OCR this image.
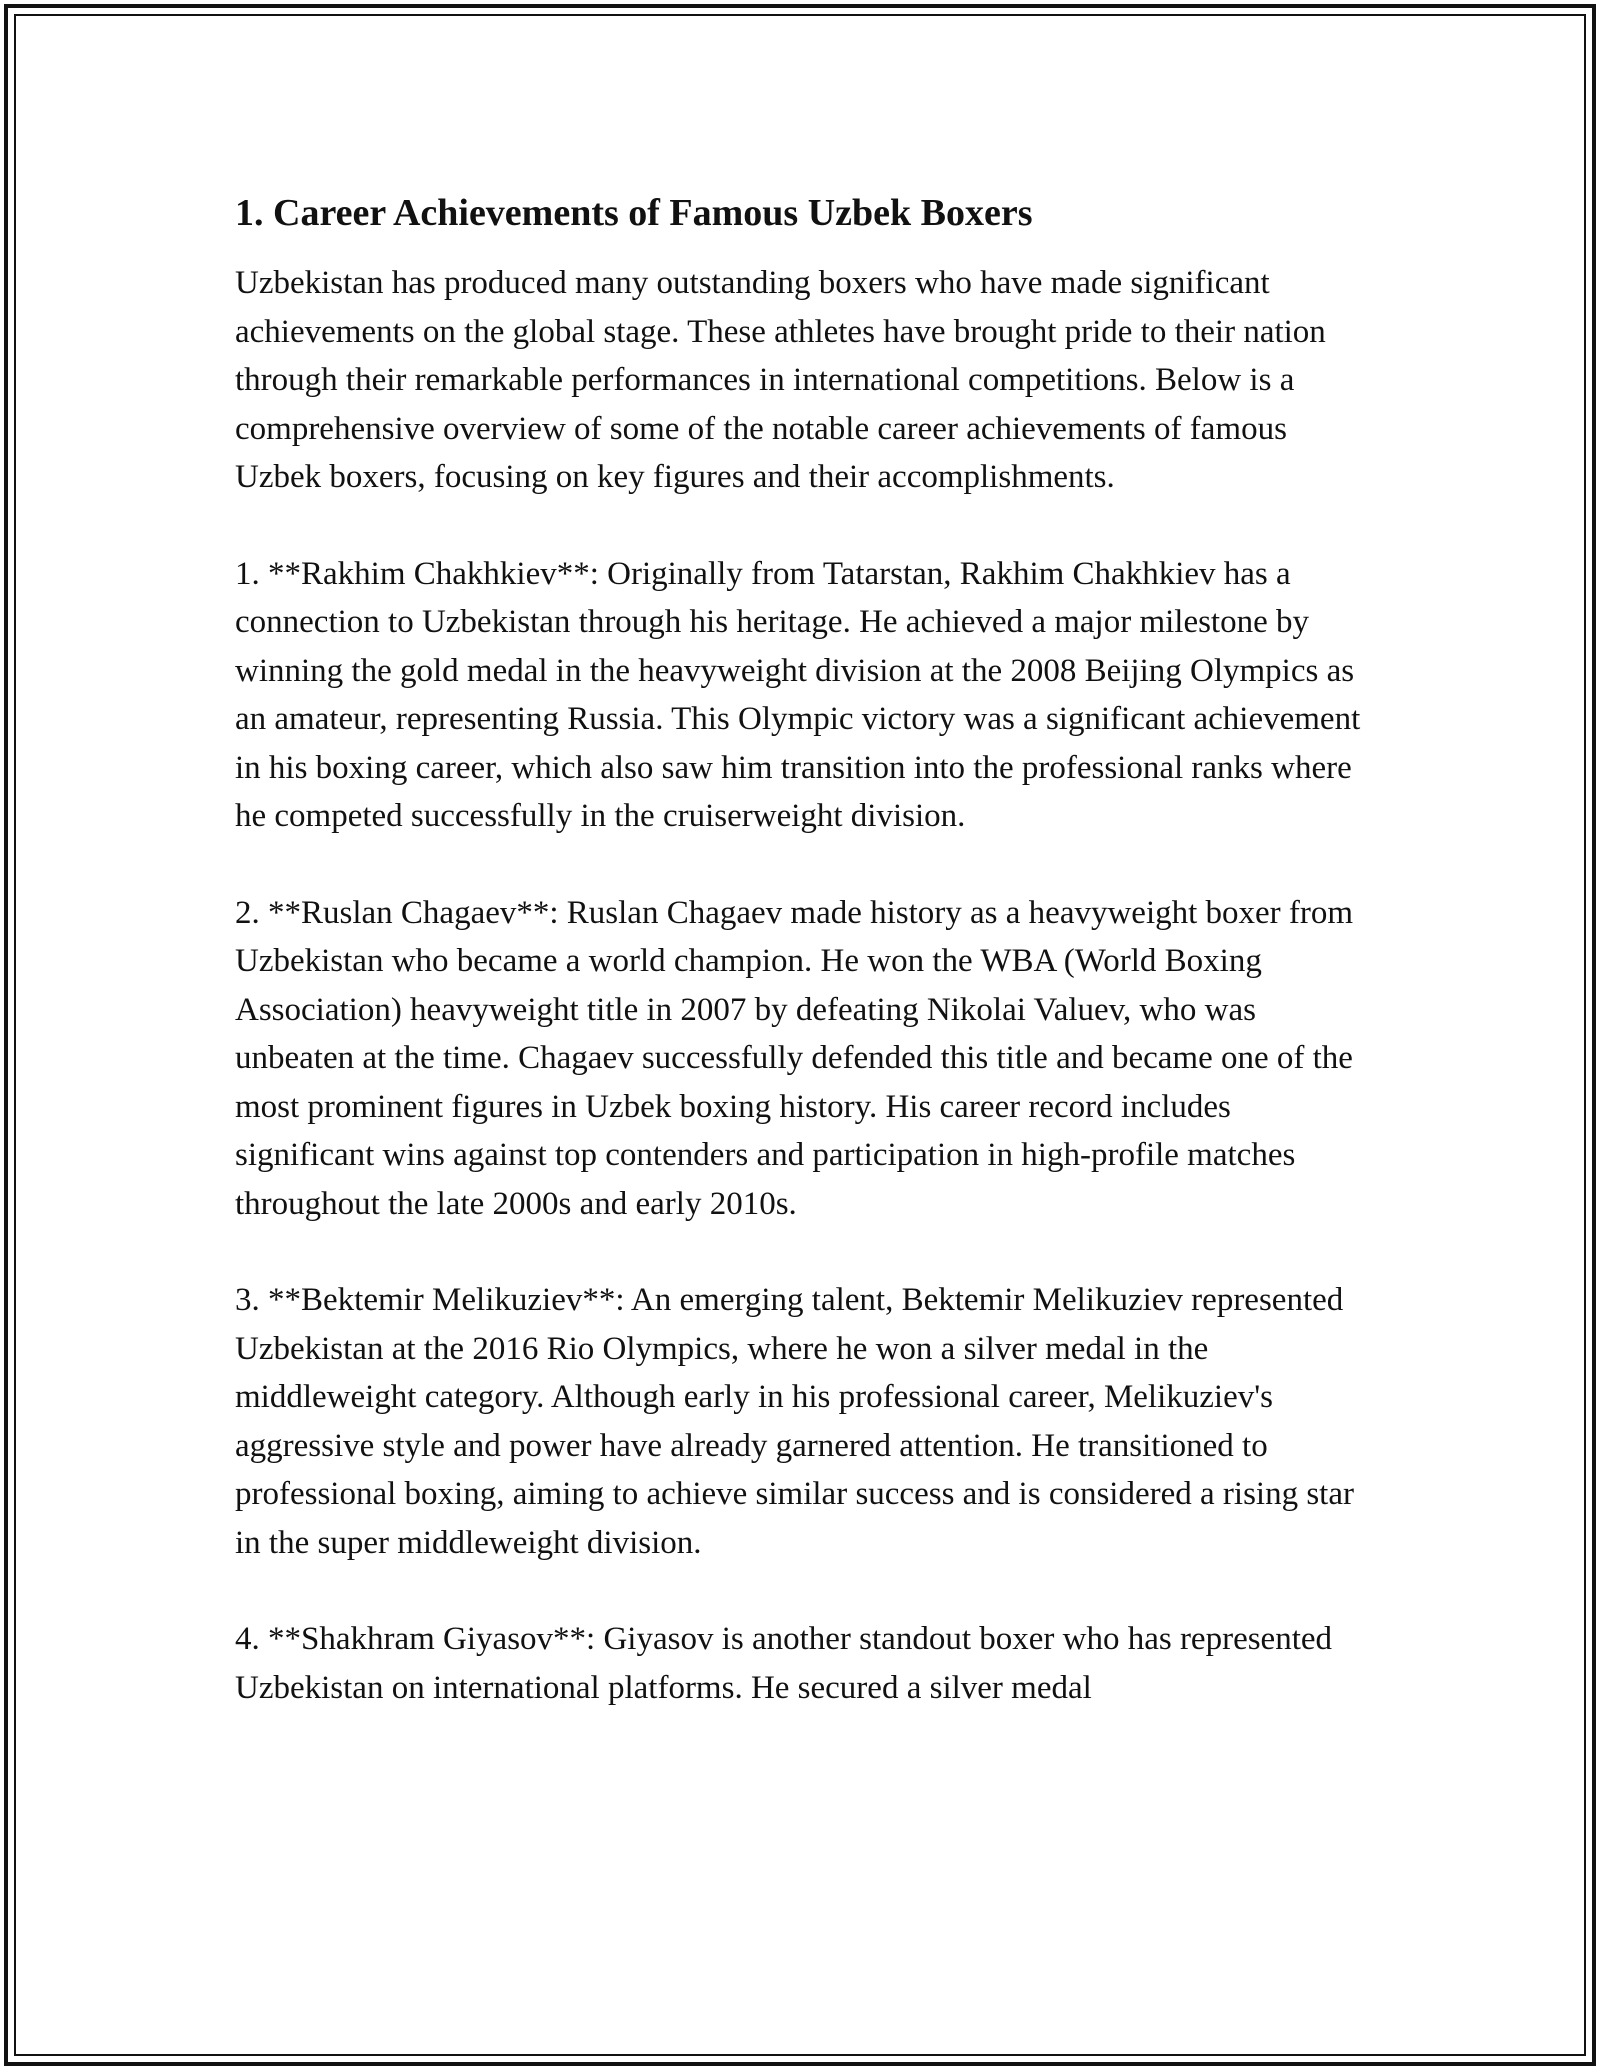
1. Career Achievements of Famous Uzbek Boxers

Uzbekistan has produced many outstanding boxers who have made significant achievements on the global stage. These athletes have brought pride to their nation through their remarkable performances in international competitions. Below is a comprehensive overview of some of the notable career achievements of famous Uzbek boxers, focusing on key figures and their accomplishments.

1. **Rakhim Chakhkiev**: Originally from Tatarstan, Rakhim Chakhkiev has a connection to Uzbekistan through his heritage. He achieved a major milestone by winning the gold medal in the heavyweight division at the 2008 Beijing Olympics as an amateur, representing Russia. This Olympic victory was a significant achievement in his boxing career, which also saw him transition into the professional ranks where he competed successfully in the cruiserweight division.

2. **Ruslan Chagaev**: Ruslan Chagaev made history as a heavyweight boxer from Uzbekistan who became a world champion. He won the WBA (World Boxing Association) heavyweight title in 2007 by defeating Nikolai Valuev, who was unbeaten at the time. Chagaev successfully defended this title and became one of the most prominent figures in Uzbek boxing history. His career record includes significant wins against top contenders and participation in high-profile matches throughout the late 2000s and early 2010s.

3. **Bektemir Melikuziev**: An emerging talent, Bektemir Melikuziev represented Uzbekistan at the 2016 Rio Olympics, where he won a silver medal in the middleweight category. Although early in his professional career, Melikuziev's aggressive style and power have already garnered attention. He transitioned to professional boxing, aiming to achieve similar success and is considered a rising star in the super middleweight division.

4. **Shakhram Giyasov**: Giyasov is another standout boxer who has represented Uzbekistan on international platforms. He secured a silver medal
